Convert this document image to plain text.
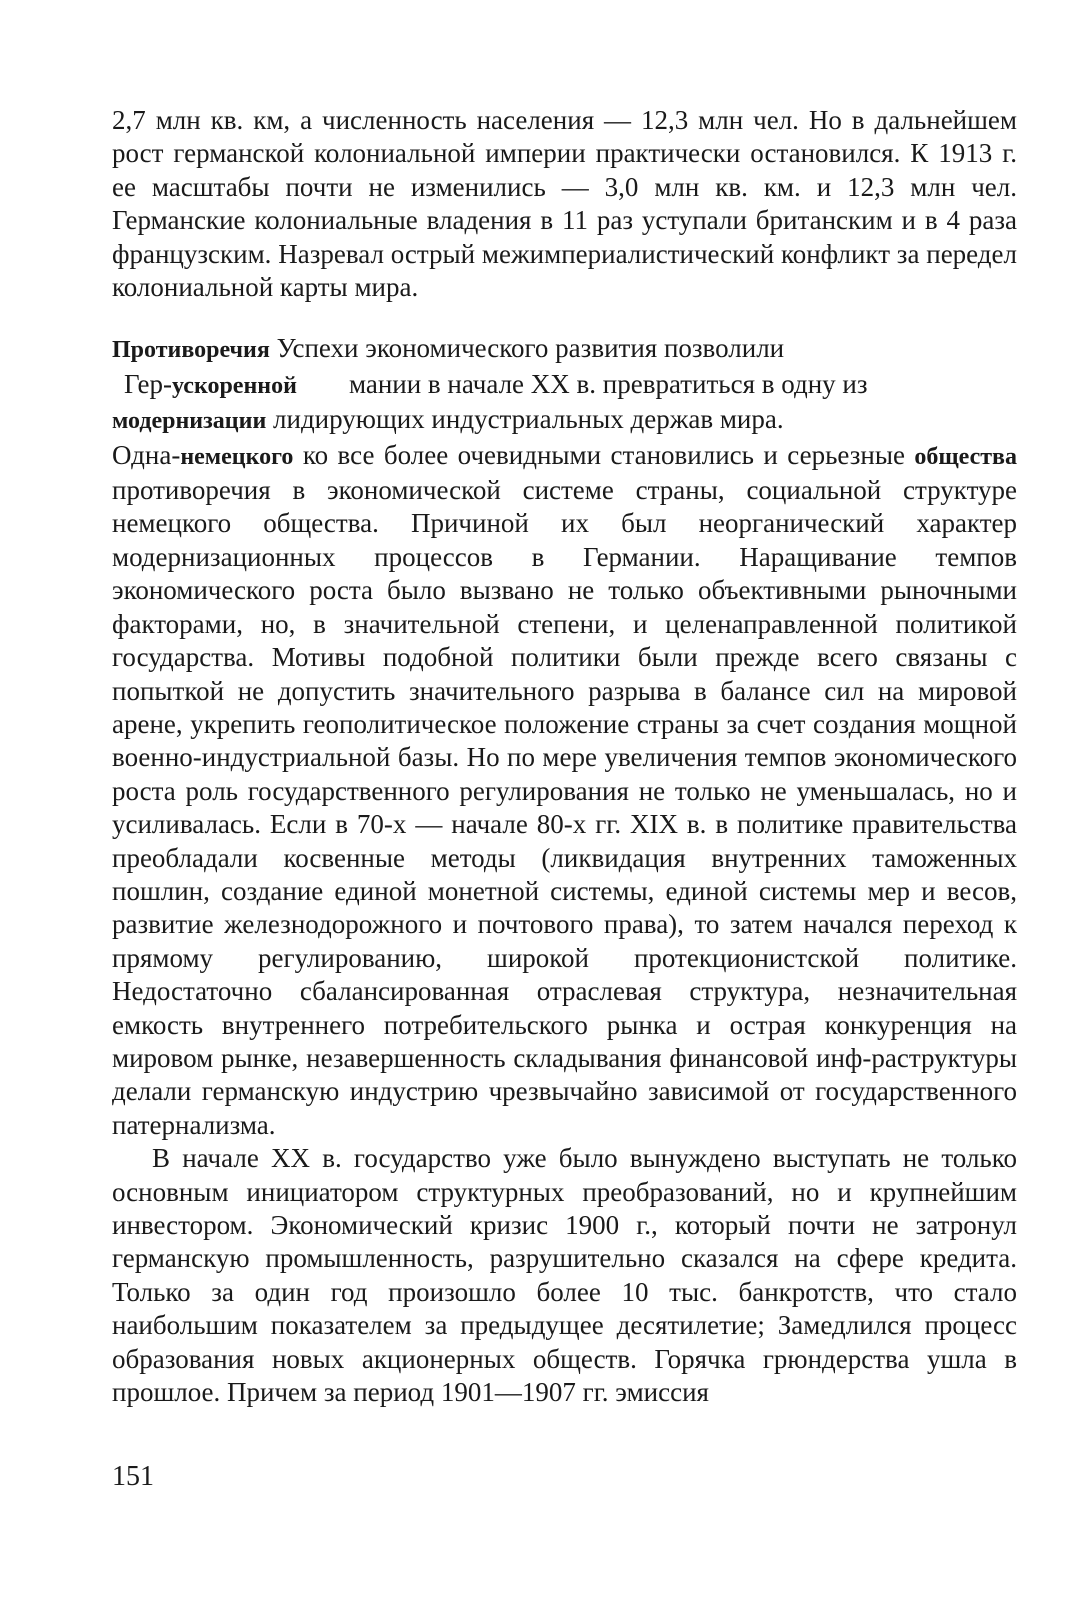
2,7 млн кв. км, а численность населения — 12,3 млн чел. Но в дальнейшем рост германской колониальной империи практически остановился. К 1913 г. ее масштабы почти не изменились — 3,0 млн кв. км. и 12,3 млн чел. Германские колониальные владения в 11 раз уступали британским и в 4 раза французским. Назревал острый межимпериалистический конфликт за передел колониальной карты мира.

Противоречия Успехи экономического развития позволили
Гер-ускоренной мании в начале XX в. превратиться в одну из
модернизации лидирующих индустриальных держав мира.
Одна-немецкого ко все более очевидными становились и серьезные общества противоречия в экономической системе страны, социальной структуре немецкого общества. Причиной их был неорганический характер модернизационных процессов в Германии. Наращивание темпов экономического роста было вызвано не только объективными рыночными факторами, но, в значительной степени, и целенаправленной политикой государства. Мотивы подобной политики были прежде всего связаны с попыткой не допустить значительного разрыва в балансе сил на мировой арене, укрепить геополитическое положение страны за счет создания мощной военно-индустриальной базы. Но по мере увеличения темпов экономического роста роль государственного регулирования не только не уменьшалась, но и усиливалась. Если в 70-х — начале 80-х гг. XIX в. в политике правительства преобладали косвенные методы (ликвидация внутренних таможенных пошлин, создание единой монетной системы, единой системы мер и весов, развитие железнодорожного и почтового права), то затем начался переход к прямому регулированию, широкой протекционистской политике. Недостаточно сбалансированная отраслевая структура, незначительная емкость внутреннего потребительского рынка и острая конкуренция на мировом рынке, незавершенность складывания финансовой инф-раструктуры делали германскую индустрию чрезвычайно зависимой от государственного патернализма.

В начале XX в. государство уже было вынуждено выступать не только основным инициатором структурных преобразований, но и крупнейшим инвестором. Экономический кризис 1900 г., который почти не затронул германскую промышленность, разрушительно сказался на сфере кредита. Только за один год произошло более 10 тыс. банкротств, что стало наибольшим показателем за предыдущее десятилетие; Замедлился процесс образования новых акционерных обществ. Горячка грюндерства ушла в прошлое. Причем за период 1901—1907 гг. эмиссия

151
